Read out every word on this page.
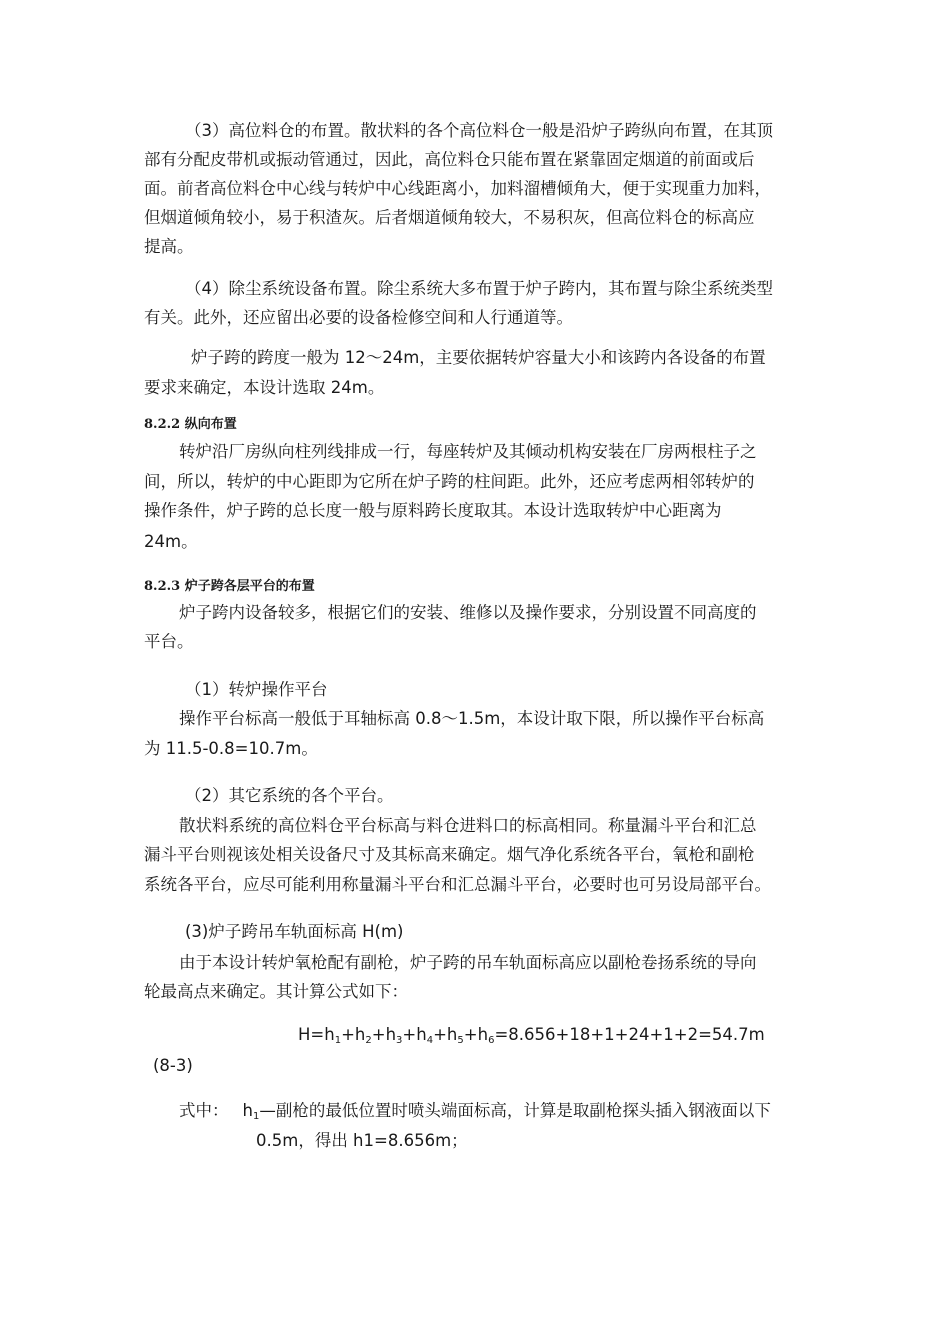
（3）高位料仓的布置。散状料的各个高位料仓一般是沿炉子跨纵向布置，在其顶
部有分配皮带机或振动管通过，因此，高位料仓只能布置在紧靠固定烟道的前面或后
面。前者高位料仓中心线与转炉中心线距离小，加料溜槽倾角大，便于实现重力加料，
但烟道倾角较小，易于积渣灰。后者烟道倾角较大，不易积灰，但高位料仓的标高应
提高。
（4）除尘系统设备布置。除尘系统大多布置于炉子跨内，其布置与除尘系统类型
有关。此外，还应留出必要的设备检修空间和人行通道等。
炉子跨的跨度一般为 12～24m，主要依据转炉容量大小和该跨内各设备的布置
要求来确定，本设计选取 24m。
8.2.2 纵向布置
转炉沿厂房纵向柱列线排成一行，每座转炉及其倾动机构安装在厂房两根柱子之
间，所以，转炉的中心距即为它所在炉子跨的柱间距。此外，还应考虑两相邻转炉的
操作条件，炉子跨的总长度一般与原料跨长度取其。本设计选取转炉中心距离为
24m。
8.2.3 炉子跨各层平台的布置
炉子跨内设备较多，根据它们的安装、维修以及操作要求，分别设置不同高度的
平台。
（1）转炉操作平台
操作平台标高一般低于耳轴标高 0.8～1.5m，本设计取下限，所以操作平台标高
为 11.5-0.8=10.7m。
（2）其它系统的各个平台。
散状料系统的高位料仓平台标高与料仓进料口的标高相同。称量漏斗平台和汇总
漏斗平台则视该处相关设备尺寸及其标高来确定。烟气净化系统各平台，氧枪和副枪
系统各平台，应尽可能利用称量漏斗平台和汇总漏斗平台，必要时也可另设局部平台。
(3)炉子跨吊车轨面标高 H(m)
由于本设计转炉氧枪配有副枪，炉子跨的吊车轨面标高应以副枪卷扬系统的导向
轮最高点来确定。其计算公式如下：
$H=h_1+h_2+h_3+h_4+h_5+h_6=8.656+18+1+24+1+2=54.7m$
(8-3)
式中： $h_1—$副枪的最低位置时喷头端面标高，计算是取副枪探头插入钢液面以下
0.5m，得出 h1=8.656m；
